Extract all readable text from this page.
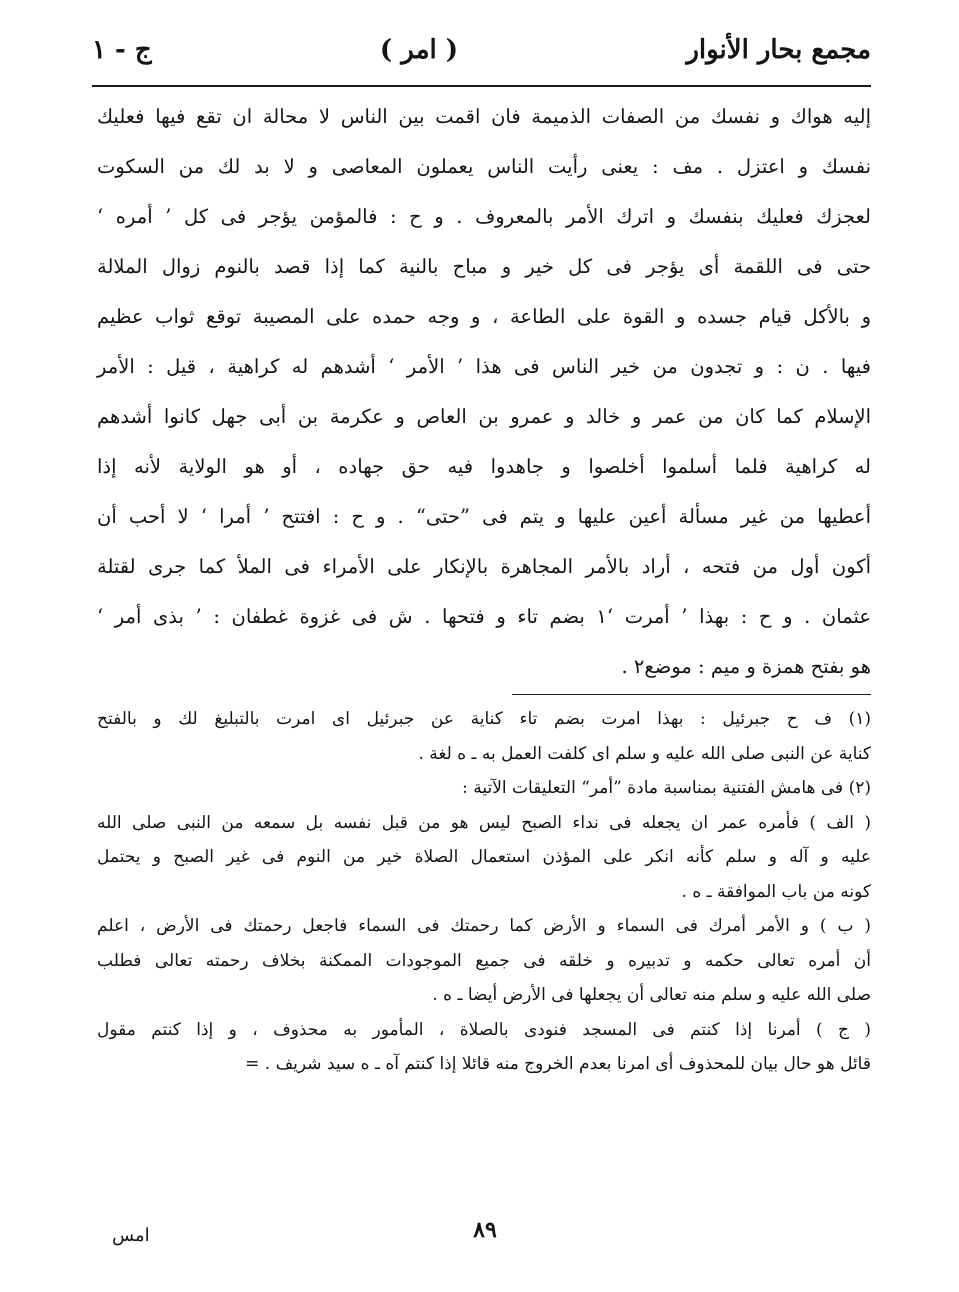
مجمع بحار الأنوار
( امر )
ج - ١

إليه هواك و نفسك من الصفات الذميمة فان اقمت بين الناس لا محالة ان تقع فيها فعليك

نفسك و اعتزل . مف : يعنى رأيت الناس يعملون المعاصى و لا بد لك من السكوت

لعجزك فعليك بنفسك و اترك الأمر بالمعروف . و ح : فالمؤمن يؤجر فى كل ’ أمره ‘

حتى فى اللقمة أى يؤجر فى كل خير و مباح بالنية كما إذا قصد بالنوم زوال الملالة

و بالأكل قيام جسده و القوة على الطاعة ، و وجه حمده على المصيبة توقع ثواب عظيم

فيها . ن : و تجدون من خير الناس فى هذا ’ الأمر ‘ أشدهم له كراهية ، قيل : الأمر

الإسلام كما كان من عمر و خالد و عمرو بن العاص و عكرمة بن أبى جهل كانوا أشدهم

له كراهية فلما أسلموا أخلصوا و جاهدوا فيه حق جهاده ، أو هو الولاية لأنه إذا

أعطيها من غير مسألة أعين عليها و يتم فى ”حتى“ . و ح : افتتح ’ أمرا ‘ لا أحب أن

أكون أول من فتحه ، أراد بالأمر المجاهرة بالإنكار على الأمراء فى الملأ كما جرى لقتلة

عثمان . و ح : بهذا ’ أمرت ‘١ بضم تاء و فتحها . ش فى غزوة غطفان : ’ بذى أمر ‘

هو بفتح همزة و ميم : موضع٢ .

(١) ف ح جبرئيل : بهذا امرت بضم تاء كناية عن جبرئيل اى امرت بالتبليغ لك و بالفتح
كناية عن النبى صلى الله عليه و سلم اى كلفت العمل به ـ ه لغة .

(٢) فى هامش الفتنية بمناسبة مادة ”أمر“ التعليقات الآتية :

( الف ) فأمره عمر ان يجعله فى نداء الصبح ليس هو من قبل نفسه بل سمعه من النبى صلى الله
عليه و آله و سلم كأنه انكر على المؤذن استعمال الصلاة خير من النوم فى غير الصبح و يحتمل
كونه من باب الموافقة ـ ه .

( ب ) و الأمر أمرك فى السماء و الأرض كما رحمتك فى السماء فاجعل رحمتك فى الأرض ، اعلم
أن أمره تعالى حكمه و تدبيره و خلقه فى جميع الموجودات الممكنة بخلاف رحمته تعالى فطلب
صلى الله عليه و سلم منه تعالى أن يجعلها فى الأرض أيضا ـ ه .

( ج ) أمرنا إذا كنتم فى المسجد فنودى بالصلاة ، المأمور به محذوف ، و إذا كنتم مقول
قائل هو حال بيان للمحذوف أى امرنا بعدم الخروج منه قائلا إذا كنتم آه ـ ه سيد شريف . =

٨٩
امس
